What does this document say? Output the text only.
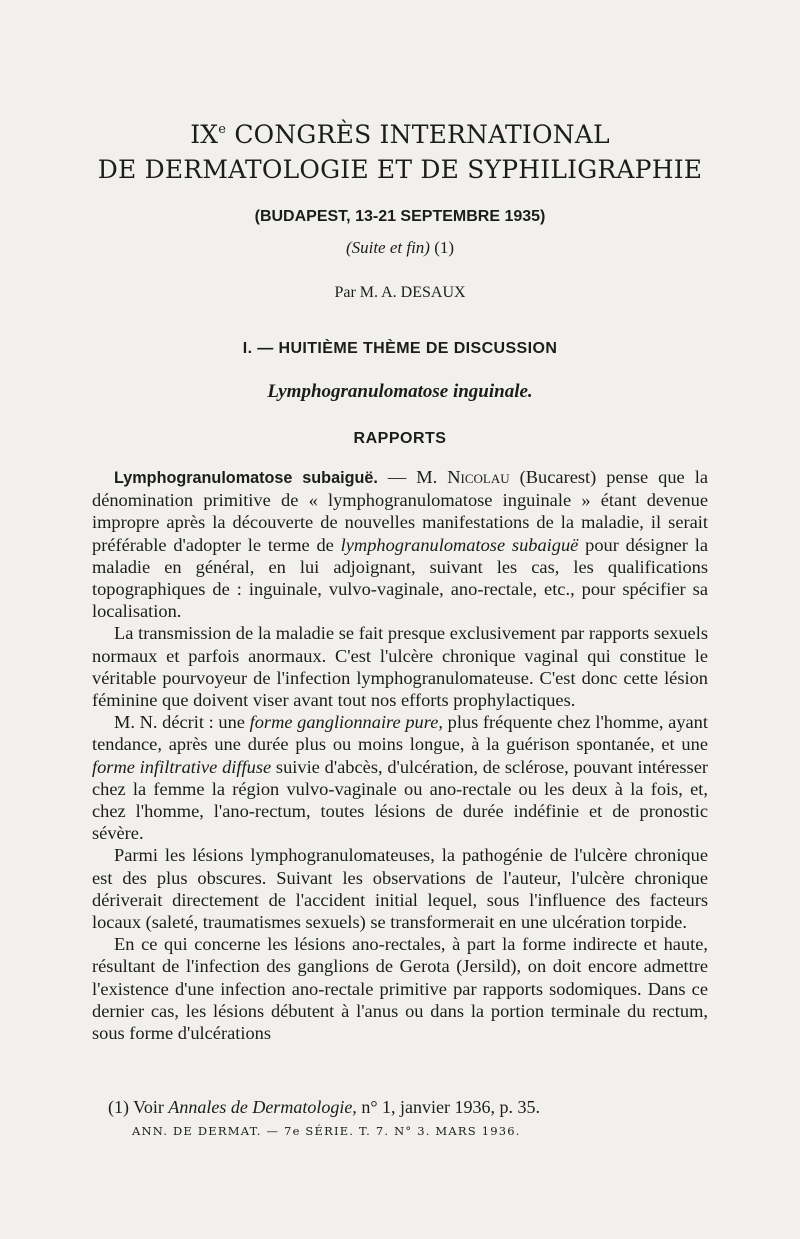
IXe CONGRÈS INTERNATIONAL
DE DERMATOLOGIE ET DE SYPHILIGRAPHIE
(BUDAPEST, 13-21 SEPTEMBRE 1935)
(Suite et fin) (1)
Par M. A. DESAUX
I. — HUITIÈME THÈME DE DISCUSSION
Lymphogranulomatose inguinale.
RAPPORTS

Lymphogranulomatose subaiguë. — M. Nicolau (Bucarest) pense que la dénomination primitive de « lymphogranulomatose inguinale » étant devenue impropre après la découverte de nouvelles manifestations de la maladie, il serait préférable d'adopter le terme de lymphogranulomatose subaiguë pour désigner la maladie en général, en lui adjoignant, suivant les cas, les qualifications topographiques de : inguinale, vulvo-vaginale, ano-rectale, etc., pour spécifier sa localisation.

La transmission de la maladie se fait presque exclusivement par rapports sexuels normaux et parfois anormaux. C'est l'ulcère chronique vaginal qui constitue le véritable pourvoyeur de l'infection lymphogranulomateuse. C'est donc cette lésion féminine que doivent viser avant tout nos efforts prophylactiques.

M. N. décrit : une forme ganglionnaire pure, plus fréquente chez l'homme, ayant tendance, après une durée plus ou moins longue, à la guérison spontanée, et une forme infiltrative diffuse suivie d'abcès, d'ulcération, de sclérose, pouvant intéresser chez la femme la région vulvo-vaginale ou ano-rectale ou les deux à la fois, et, chez l'homme, l'ano-rectum, toutes lésions de durée indéfinie et de pronostic sévère.

Parmi les lésions lymphogranulomateuses, la pathogénie de l'ulcère chronique est des plus obscures. Suivant les observations de l'auteur, l'ulcère chronique dériverait directement de l'accident initial lequel, sous l'influence des facteurs locaux (saleté, traumatismes sexuels) se transformerait en une ulcération torpide.

En ce qui concerne les lésions ano-rectales, à part la forme indirecte et haute, résultant de l'infection des ganglions de Gerota (Jersild), on doit encore admettre l'existence d'une infection ano-rectale primitive par rapports sodomiques. Dans ce dernier cas, les lésions débutent à l'anus ou dans la portion terminale du rectum, sous forme d'ulcérations

(1) Voir Annales de Dermatologie, n° 1, janvier 1936, p. 35.
ANN. DE DERMAT. — 7e SÉRIE. T. 7. N° 3. MARS 1936.
